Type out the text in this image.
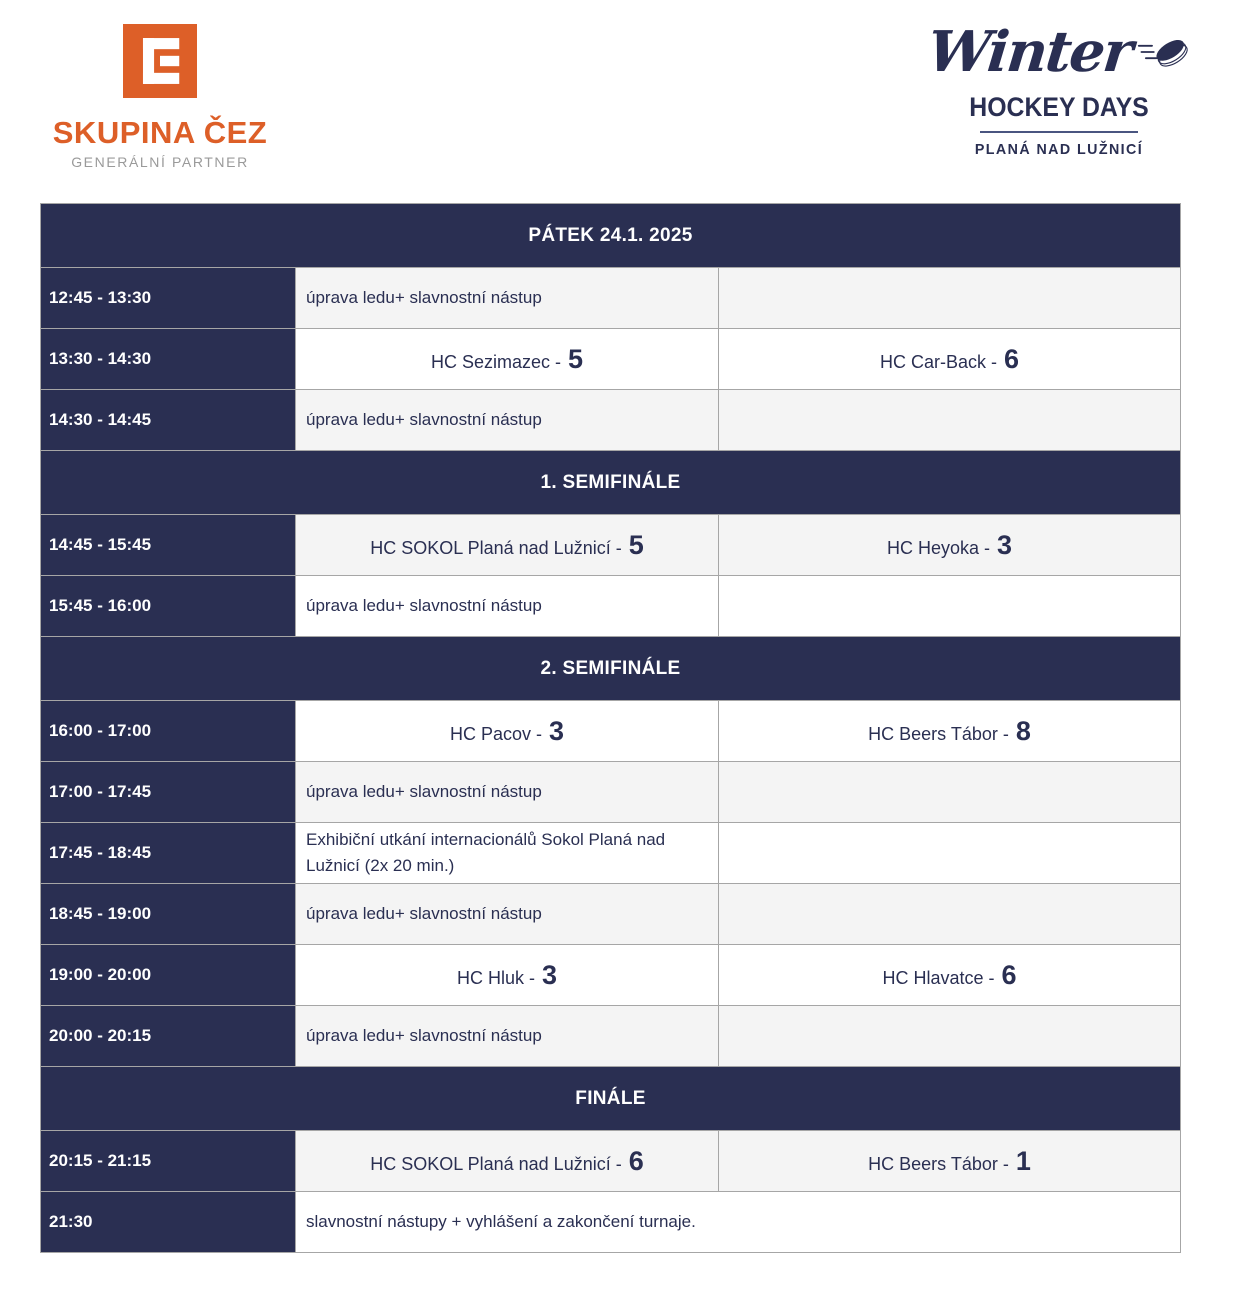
SKUPINA ČEZ
GENERÁLNÍ PARTNER
Winter
HOCKEY DAYS
PLANÁ NAD LUŽNICÍ
PÁTEK 24.1. 2025		
12:45 - 13:30	úprava ledu+ slavnostní nástup	
13:30 - 14:30	HC Sezimazec - 5	HC Car-Back - 6
14:30 - 14:45	úprava ledu+ slavnostní nástup	
1. SEMIFINÁLE		
14:45 - 15:45	HC SOKOL Planá nad Lužnicí - 5	HC Heyoka - 3
15:45 - 16:00	úprava ledu+ slavnostní nástup	
2. SEMIFINÁLE		
16:00 - 17:00	HC Pacov - 3	HC Beers Tábor - 8
17:00 - 17:45	úprava ledu+ slavnostní nástup	
17:45 - 18:45	Exhibiční utkání internacionálů Sokol Planá nad Lužnicí (2x 20 min.)	
18:45 - 19:00	úprava ledu+ slavnostní nástup	
19:00 - 20:00	HC Hluk - 3	HC Hlavatce - 6
20:00 - 20:15	úprava ledu+ slavnostní nástup	
FINÁLE		
20:15 - 21:15	HC SOKOL Planá nad Lužnicí - 6	HC Beers Tábor - 1
21:30	slavnostní nástupy + vyhlášení a zakončení turnaje.	
